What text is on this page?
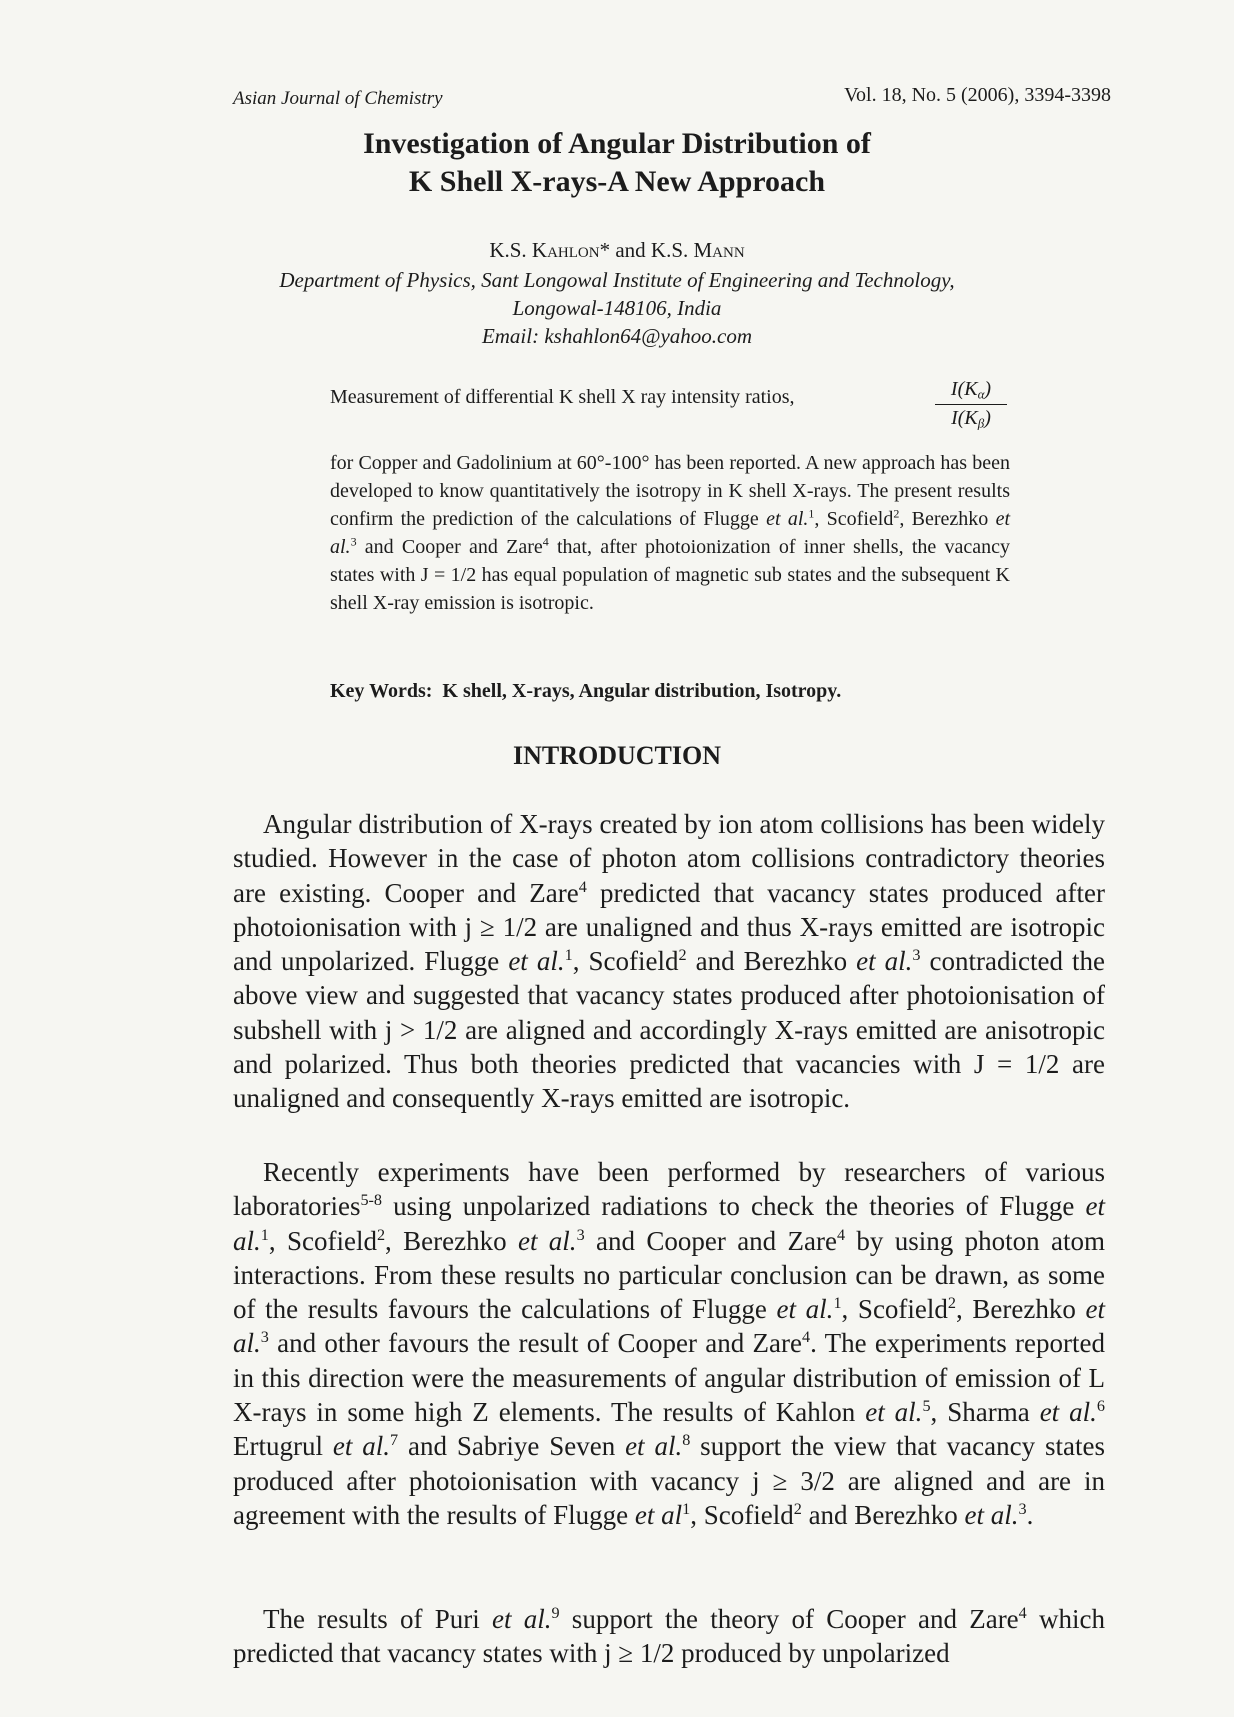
Asian Journal of Chemistry	Vol. 18, No. 5 (2006), 3394-3398
Investigation of Angular Distribution of
K Shell X-rays-A New Approach
K.S. Kahlon* and K.S. Mann
Department of Physics, Sant Longowal Institute of Engineering and Technology,
Longowal-148106, India
Email: kshahlon64@yahoo.com
Measurement of differential K shell X ray intensity ratios,	$\frac{I(K\alpha)}{I(K\beta)}$
for Copper and Gadolinium at 60°-100° has been reported. A new approach has been developed to know quantitatively the isotropy in K shell X-rays. The present results confirm the prediction of the calculations of Flugge et al.$^1$, Scofield$^2$, Berezhko et al.$^3$ and Cooper and Zare$^4$ that, after photoionization of inner shells, the vacancy states with J = 1/2 has equal population of magnetic sub states and the subsequent K shell X-ray emission is isotropic.
Key Words: K shell, X-rays, Angular distribution, Isotropy.
INTRODUCTION
Angular distribution of X-rays created by ion atom collisions has been widely studied. However in the case of photon atom collisions contradictory theories are existing. Cooper and Zare$^4$ predicted that vacancy states produced after photoionisation with j ≥ 1/2 are unaligned and thus X-rays emitted are isotropic and unpolarized. Flugge et al.$^1$, Scofield$^2$ and Berezhko et al.$^3$ contradicted the above view and suggested that vacancy states produced after photoionisation of subshell with j > 1/2 are aligned and accordingly X-rays emitted are anisotropic and polarized. Thus both theories predicted that vacancies with J = 1/2 are unaligned and consequently X-rays emitted are isotropic.
Recently experiments have been performed by researchers of various laboratories$^{5-8}$ using unpolarized radiations to check the theories of Flugge et al.$^1$, Scofield$^2$, Berezhko et al.$^3$ and Cooper and Zare$^4$ by using photon atom interactions. From these results no particular conclusion can be drawn, as some of the results favours the calculations of Flugge et al.$^1$, Scofield$^2$, Berezhko et al.$^3$ and other favours the result of Cooper and Zare$^4$. The experiments reported in this direction were the measurements of angular distribution of emission of L X-rays in some high Z elements. The results of Kahlon et al.$^5$, Sharma et al.$^6$ Ertugrul et al.$^7$ and Sabriye Seven et al.$^8$ support the view that vacancy states produced after photoionisation with vacancy j ≥ 3/2 are aligned and are in agreement with the results of Flugge et $al^1$, Scofield$^2$ and Berezhko et al.$^3$.
The results of Puri et al.$^9$ support the theory of Cooper and Zare$^4$ which predicted that vacancy states with j ≥ 1/2 produced by unpolarized
